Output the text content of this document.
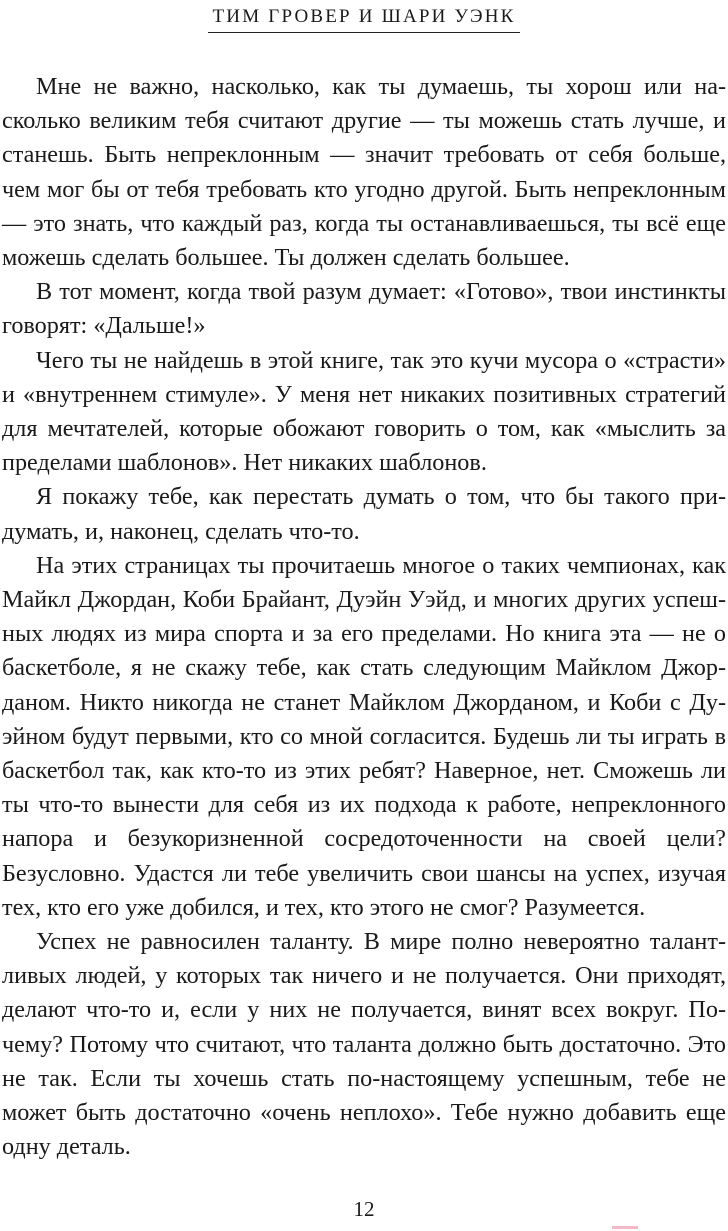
ТИМ ГРОВЕР И ШАРИ УЭНК

Мне не важно, насколько, как ты думаешь, ты хорош или насколько великим тебя считают другие — ты можешь стать лучше, и станешь. Быть непреклонным — значит требовать от себя больше, чем мог бы от тебя требовать кто угодно другой. Быть непреклонным — это знать, что каждый раз, когда ты останавливаешься, ты всё еще можешь сделать большее. Ты должен сделать большее.

В тот момент, когда твой разум думает: «Готово», твои инстинкты говорят: «Дальше!»

Чего ты не найдешь в этой книге, так это кучи мусора о «страсти» и «внутреннем стимуле». У меня нет никаких позитивных стратегий для мечтателей, которые обожают говорить о том, как «мыслить за пределами шаблонов». Нет никаких шаблонов.

Я покажу тебе, как перестать думать о том, что бы такого придумать, и, наконец, сделать что-то.

На этих страницах ты прочитаешь многое о таких чемпионах, как Майкл Джордан, Коби Брайант, Дуэйн Уэйд, и многих других успешных людях из мира спорта и за его пределами. Но книга эта — не о баскетболе, я не скажу тебе, как стать следующим Майклом Джорданом. Никто никогда не станет Майклом Джорданом, и Коби с Дуэйном будут первыми, кто со мной согласится. Будешь ли ты играть в баскетбол так, как кто-то из этих ребят? Наверное, нет. Сможешь ли ты что-то вынести для себя из их подхода к работе, непреклонного напора и безукоризненной сосредоточенности на своей цели? Безусловно. Удастся ли тебе увеличить свои шансы на успех, изучая тех, кто его уже добился, и тех, кто этого не смог? Разумеется.

Успех не равносилен таланту. В мире полно невероятно талантливых людей, у которых так ничего и не получается. Они приходят, делают что-то и, если у них не получается, винят всех вокруг. Почему? Потому что считают, что таланта должно быть достаточно. Это не так. Если ты хочешь стать по-настоящему успешным, тебе не может быть достаточно «очень неплохо». Тебе нужно добавить еще одну деталь.

12
